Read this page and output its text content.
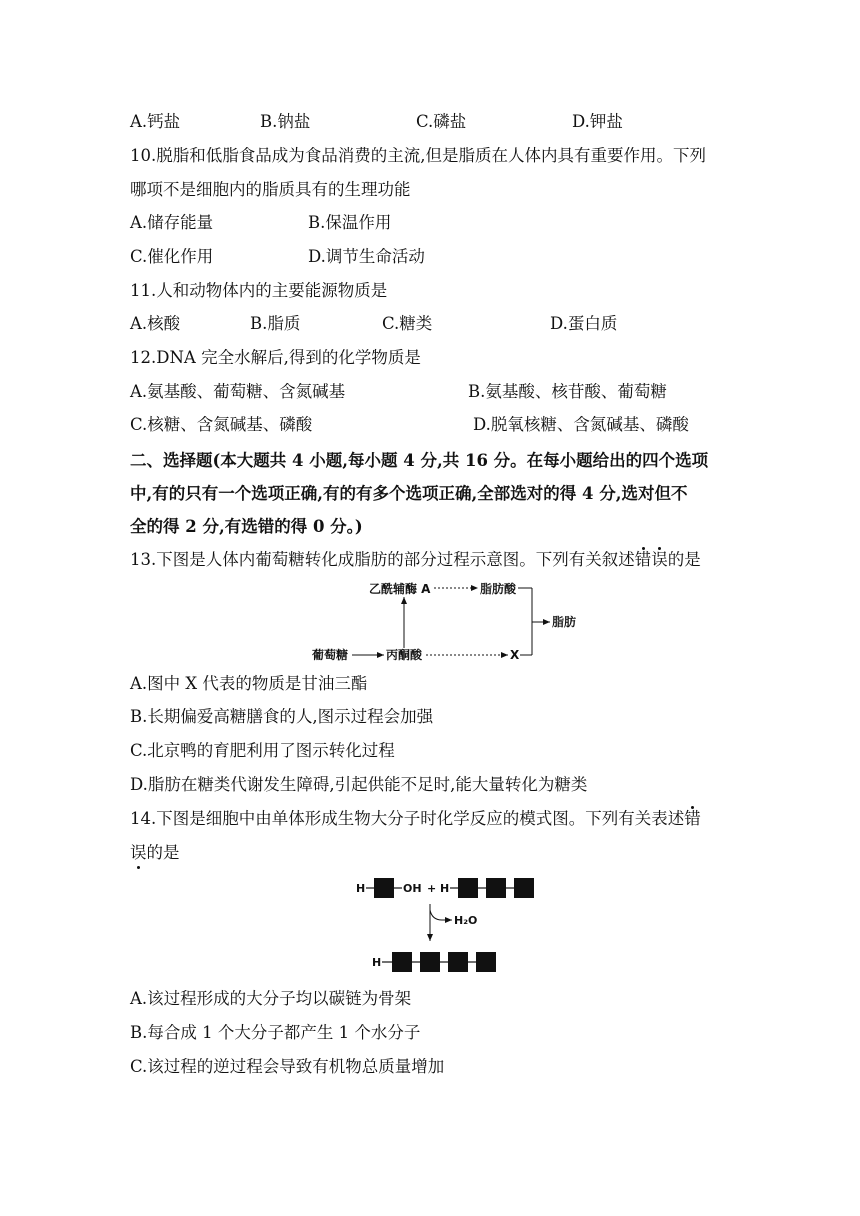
A.钙盐	B.钠盐	C.磷盐	D.钾盐
10.脱脂和低脂食品成为食品消费的主流,但是脂质在人体内具有重要作用。下列
哪项不是细胞内的脂质具有的生理功能
A.储存能量	B.保温作用
C.催化作用	D.调节生命活动
11.人和动物体内的主要能源物质是
A.核酸	B.脂质	C.糖类	D.蛋白质
12.DNA 完全水解后,得到的化学物质是
A.氨基酸、葡萄糖、含氮碱基	B.氨基酸、核苷酸、葡萄糖
C.核糖、含氮碱基、磷酸	D.脱氧核糖、含氮碱基、磷酸
二、选择题(本大题共 4 小题,每小题 4 分,共 16 分。在每小题给出的四个选项
中,有的只有一个选项正确,有的有多个选项正确,全部选对的得 4 分,选对但不
全的得 2 分,有选错的得 0 分。)
13.下图是人体内葡萄糖转化成脂肪的部分过程示意图。下列有关叙述错误的是
乙酰辅酶 A	脂肪酸
脂肪
葡萄糖	丙酮酸	X
A.图中 X 代表的物质是甘油三酯
B.长期偏爱高糖膳食的人,图示过程会加强
C.北京鸭的育肥利用了图示转化过程
D.脂肪在糖类代谢发生障碍,引起供能不足时,能大量转化为糖类
14.下图是细胞中由单体形成生物大分子时化学反应的模式图。下列有关表述错
误的是
H	OH + H
H₂O
H
A.该过程形成的大分子均以碳链为骨架
B.每合成 1 个大分子都产生 1 个水分子
C.该过程的逆过程会导致有机物总质量增加
